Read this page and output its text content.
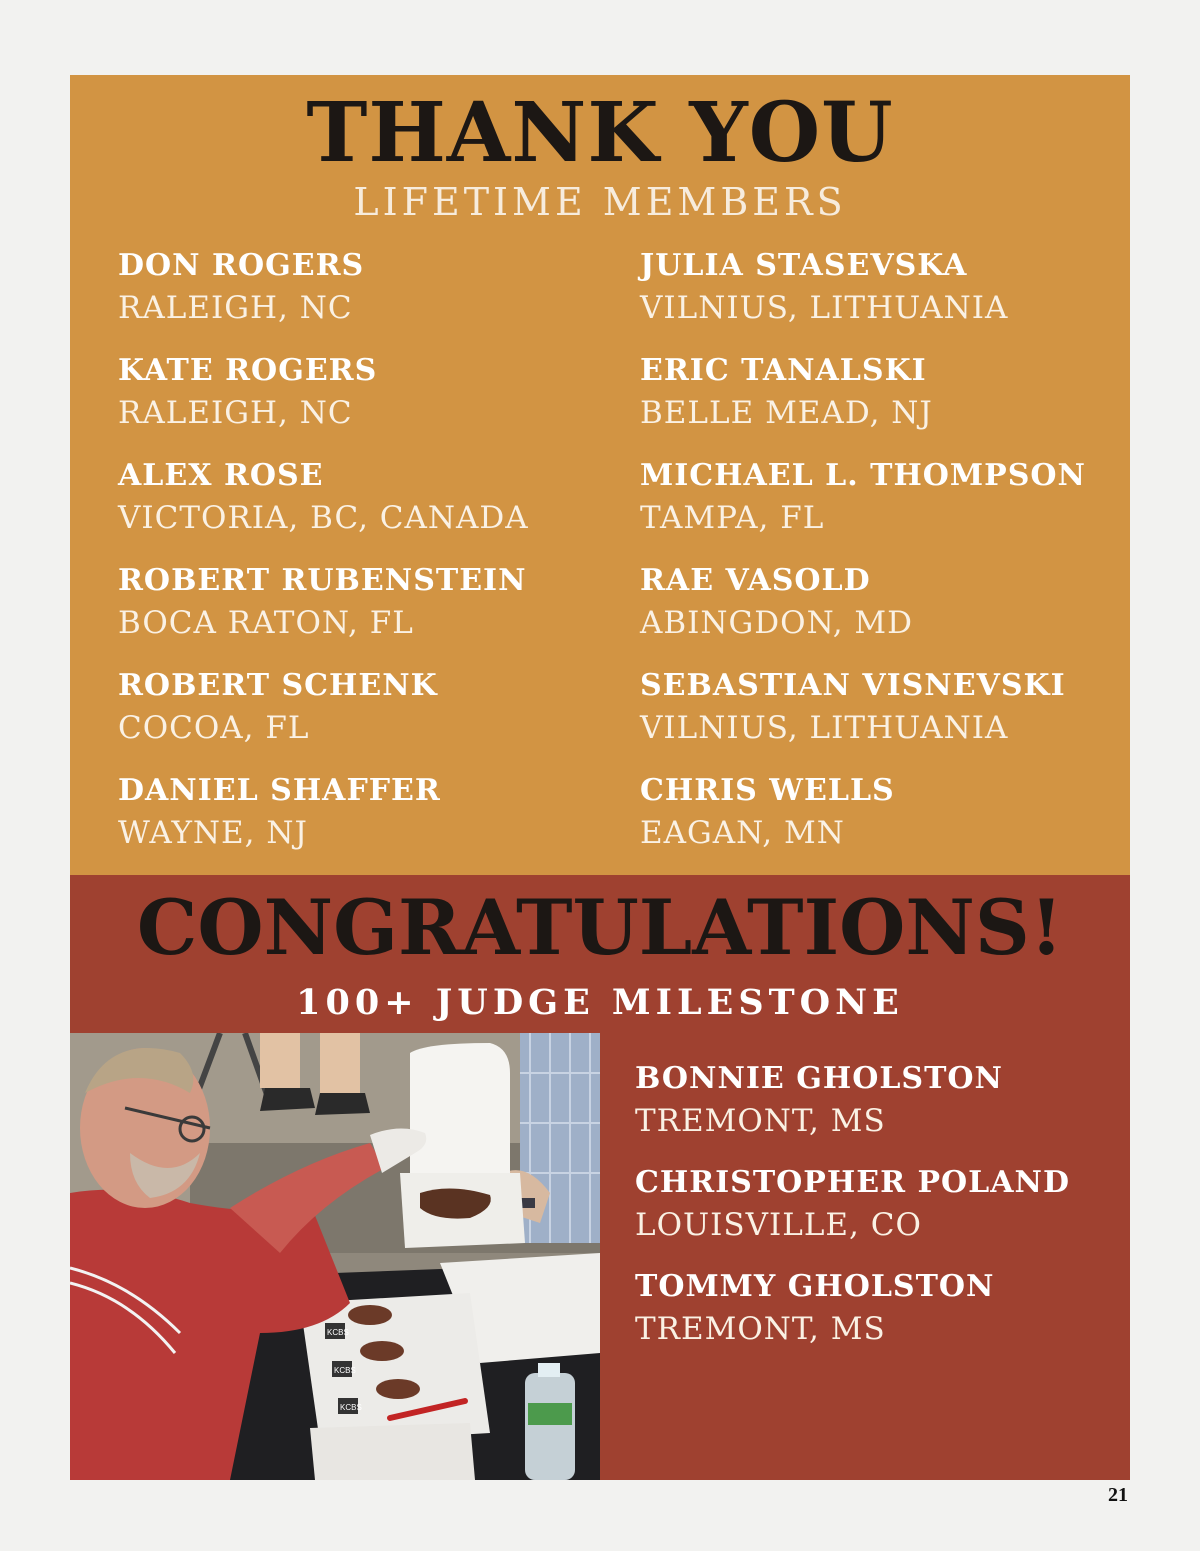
THANK YOU
LIFETIME MEMBERS
DON ROGERS
RALEIGH, NC
KATE ROGERS
RALEIGH, NC
ALEX ROSE
VICTORIA, BC, CANADA
ROBERT RUBENSTEIN
BOCA RATON, FL
ROBERT SCHENK
COCOA, FL
DANIEL SHAFFER
WAYNE, NJ
JULIA STASEVSKA
VILNIUS, LITHUANIA
ERIC TANALSKI
BELLE MEAD, NJ
MICHAEL L. THOMPSON
TAMPA, FL
RAE VASOLD
ABINGDON, MD
SEBASTIAN VISNEVSKI
VILNIUS, LITHUANIA
CHRIS WELLS
EAGAN, MN
CONGRATULATIONS!
100+ JUDGE MILESTONE
KCBS
KCBS
KCBS
BONNIE GHOLSTON
TREMONT, MS
CHRISTOPHER POLAND
LOUISVILLE, CO
TOMMY GHOLSTON
TREMONT, MS
21
